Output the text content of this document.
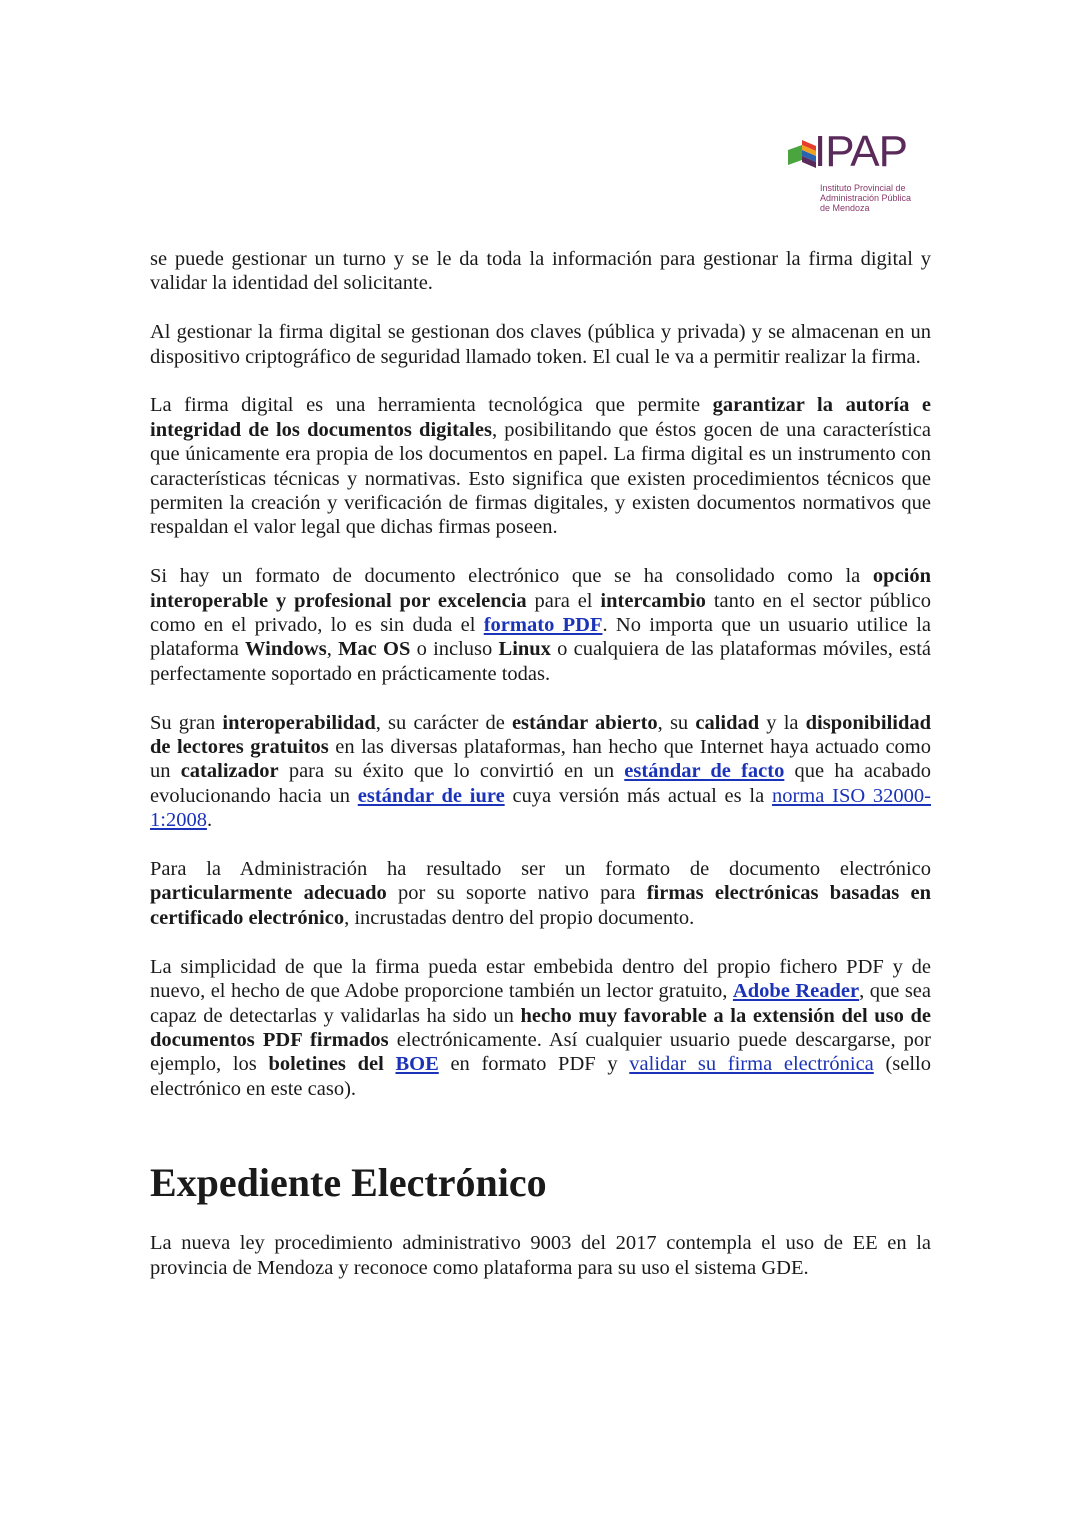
IPAP
Instituto Provincial de
Administración Pública
de Mendoza

se puede gestionar un turno y se le da toda la información para gestionar la firma digital y validar la identidad del solicitante.

Al gestionar la firma digital se gestionan dos claves (pública y privada) y se almacenan en un dispositivo criptográfico de seguridad llamado token. El cual le va a permitir realizar la firma.

La firma digital es una herramienta tecnológica que permite garantizar la autoría e integridad de los documentos digitales, posibilitando que éstos gocen de una característica que únicamente era propia de los documentos en papel. La firma digital es un instrumento con características técnicas y normativas. Esto significa que existen procedimientos técnicos que permiten la creación y verificación de firmas digitales, y existen documentos normativos que respaldan el valor legal que dichas firmas poseen.

Si hay un formato de documento electrónico que se ha consolidado como la opción interoperable y profesional por excelencia para el intercambio tanto en el sector público como en el privado, lo es sin duda el formato PDF. No importa que un usuario utilice la plataforma Windows, Mac OS o incluso Linux o cualquiera de las plataformas móviles, está perfectamente soportado en prácticamente todas.

Su gran interoperabilidad, su carácter de estándar abierto, su calidad y la disponibilidad de lectores gratuitos en las diversas plataformas, han hecho que Internet haya actuado como un catalizador para su éxito que lo convirtió en un estándar de facto que ha acabado evolucionando hacia un estándar de iure cuya versión más actual es la norma ISO 32000-1:2008.

Para la Administración ha resultado ser un formato de documento electrónico particularmente adecuado por su soporte nativo para firmas electrónicas basadas en certificado electrónico, incrustadas dentro del propio documento.

La simplicidad de que la firma pueda estar embebida dentro del propio fichero PDF y de nuevo, el hecho de que Adobe proporcione también un lector gratuito, Adobe Reader, que sea capaz de detectarlas y validarlas ha sido un hecho muy favorable a la extensión del uso de documentos PDF firmados electrónicamente. Así cualquier usuario puede descargarse, por ejemplo, los boletines del BOE en formato PDF y validar su firma electrónica (sello electrónico en este caso).

Expediente Electrónico

La nueva ley procedimiento administrativo 9003 del 2017 contempla el uso de EE en la provincia de Mendoza y reconoce como plataforma para su uso el sistema GDE.
